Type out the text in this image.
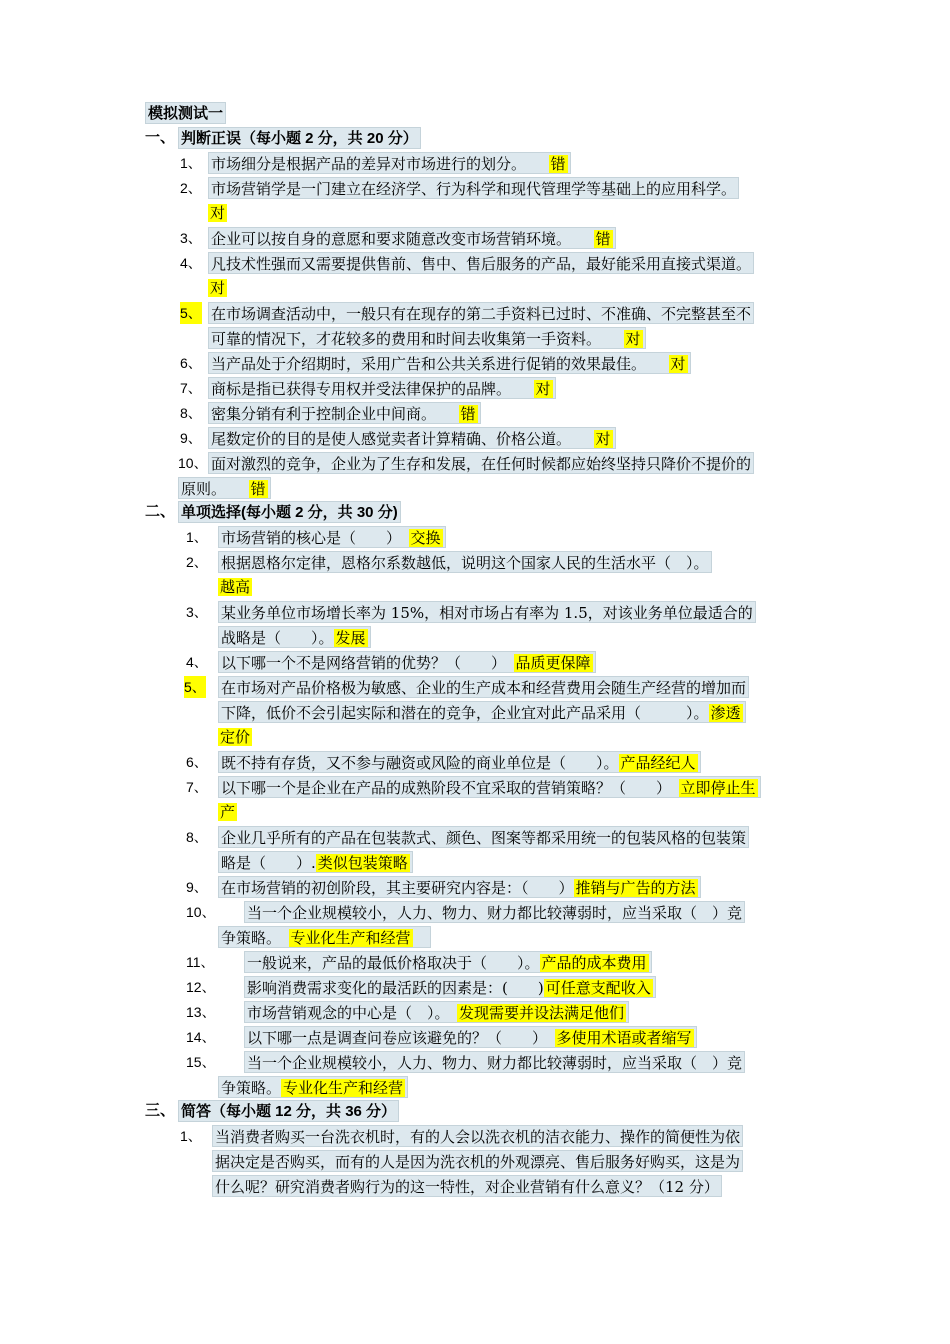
模拟测试一
一、 判断正误（每小题 2 分，共 20 分）
1、 市场细分是根据产品的差异对市场进行的划分。　　 错
2、 市场营销学是一门建立在经济学、行为科学和现代管理学等基础上的应用科学。
对
3、 企业可以按自身的意愿和要求随意改变市场营销环境。　　 错
4、 凡技术性强而又需要提供售前、售中、售后服务的产品，最好能采用直接式渠道。
对
5、 在市场调查活动中，一般只有在现存的第二手资料已过时、不准确、不完整甚至不
可靠的情况下，才花较多的费用和时间去收集第一手资料。　　 对
6、 当产品处于介绍期时，采用广告和公共关系进行促销的效果最佳。　　 对
7、 商标是指已获得专用权并受法律保护的品牌。　　 对
8、 密集分销有利于控制企业中间商。　　 错
9、 尾数定价的目的是使人感觉卖者计算精确、价格公道。　　 对
10、 面对激烈的竞争，企业为了生存和发展，在任何时候都应始终坚持只降价不提价的
原则。　　 错
二、 单项选择(每小题 2 分，共 30 分)
1、 市场营销的核心是（　　）　 交换
2、 根据恩格尔定律，恩格尔系数越低，说明这个国家人民的生活水平（　）。
越高
3、 某业务单位市场增长率为 15%，相对市场占有率为 1.5，对该业务单位最适合的
战略是（　　）。 发展
4、 以下哪一个不是网络营销的优势？（　　）　 品质更保障
5、 在市场对产品价格极为敏感、企业的生产成本和经营费用会随生产经营的增加而
下降，低价不会引起实际和潜在的竞争，企业宜对此产品采用（　　　）。 渗透
定价
6、 既不持有存货，又不参与融资或风险的商业单位是（　　）。 产品经纪人
7、 以下哪一个是企业在产品的成熟阶段不宜采取的营销策略？（　　）　 立即停止生
产
8、 企业几乎所有的产品在包装款式、颜色、图案等都采用统一的包装风格的包装策
略是（　　）. 类似包装策略
9、 在市场营销的初创阶段，其主要研究内容是：（　　） 推销与广告的方法
10、 当一个企业规模较小，人力、物力、财力都比较薄弱时，应当采取（　）竞
争策略。　 专业化生产和经营　
11、 一般说来，产品的最低价格取决于（　　）。 产品的成本费用
12、 影响消费需求变化的最活跃的因素是：(　　) 可任意支配收入
13、 市场营销观念的中心是（　）。　 发现需要并设法满足他们
14、 以下哪一点是调查问卷应该避免的？（　　）　 多使用术语或者缩写
15、 当一个企业规模较小，人力、物力、财力都比较薄弱时，应当采取（　）竞
争策略。 专业化生产和经营
三、 简答（每小题 12 分，共 36 分）
1、 当消费者购买一台洗衣机时，有的人会以洗衣机的洁衣能力、操作的简便性为依
据决定是否购买，而有的人是因为洗衣机的外观漂亮、售后服务好购买，这是为
什么呢？研究消费者购行为的这一特性，对企业营销有什么意义？（12 分）
